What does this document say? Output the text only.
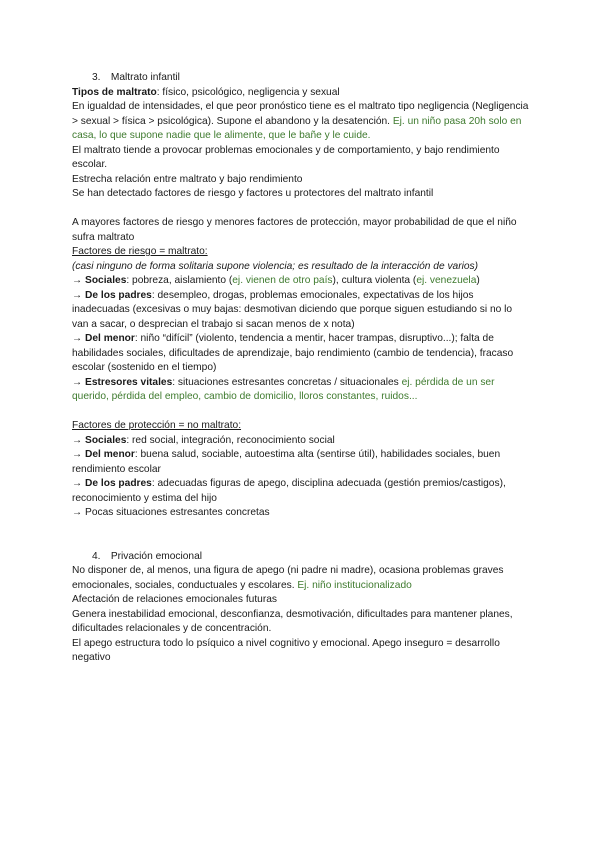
3. Maltrato infantil
Tipos de maltrato: físico, psicológico, negligencia y sexual
En igualdad de intensidades, el que peor pronóstico tiene es el maltrato tipo negligencia (Negligencia > sexual > física > psicológica). Supone el abandono y la desatención. Ej. un niño pasa 20h solo en casa, lo que supone nadie que le alimente, que le bañe y le cuide.
El maltrato tiende a provocar problemas emocionales y de comportamiento, y bajo rendimiento escolar.
Estrecha relación entre maltrato y bajo rendimiento
Se han detectado factores de riesgo y factores u protectores del maltrato infantil
A mayores factores de riesgo y menores factores de protección, mayor probabilidad de que el niño sufra maltrato
Factores de riesgo = maltrato:
(casi ninguno de forma solitaria supone violencia; es resultado de la interacción de varios)
→ Sociales: pobreza, aislamiento (ej. vienen de otro país), cultura violenta (ej. venezuela)
→ De los padres: desempleo, drogas, problemas emocionales, expectativas de los hijos inadecuadas (excesivas o muy bajas: desmotivan diciendo que porque siguen estudiando si no lo van a sacar, o desprecian el trabajo si sacan menos de x nota)
→ Del menor: niño “difícil” (violento, tendencia a mentir, hacer trampas, disruptivo...); falta de habilidades sociales, dificultades de aprendizaje, bajo rendimiento (cambio de tendencia), fracaso escolar (sostenido en el tiempo)
→ Estresores vitales: situaciones estresantes concretas / situacionales ej. pérdida de un ser querido, pérdida del empleo, cambio de domicilio, lloros constantes, ruidos...
Factores de protección = no maltrato:
→ Sociales: red social, integración, reconocimiento social
→ Del menor: buena salud, sociable, autoestima alta (sentirse útil), habilidades sociales, buen rendimiento escolar
→ De los padres: adecuadas figuras de apego, disciplina adecuada (gestión premios/castigos), reconocimiento y estima del hijo
→ Pocas situaciones estresantes concretas
4. Privación emocional
No disponer de, al menos, una figura de apego (ni padre ni madre), ocasiona problemas graves emocionales, sociales, conductuales y escolares. Ej. niño institucionalizado
Afectación de relaciones emocionales futuras
Genera inestabilidad emocional, desconfianza, desmotivación, dificultades para mantener planes, dificultades relacionales y de concentración.
El apego estructura todo lo psíquico a nivel cognitivo y emocional. Apego inseguro = desarrollo negativo
